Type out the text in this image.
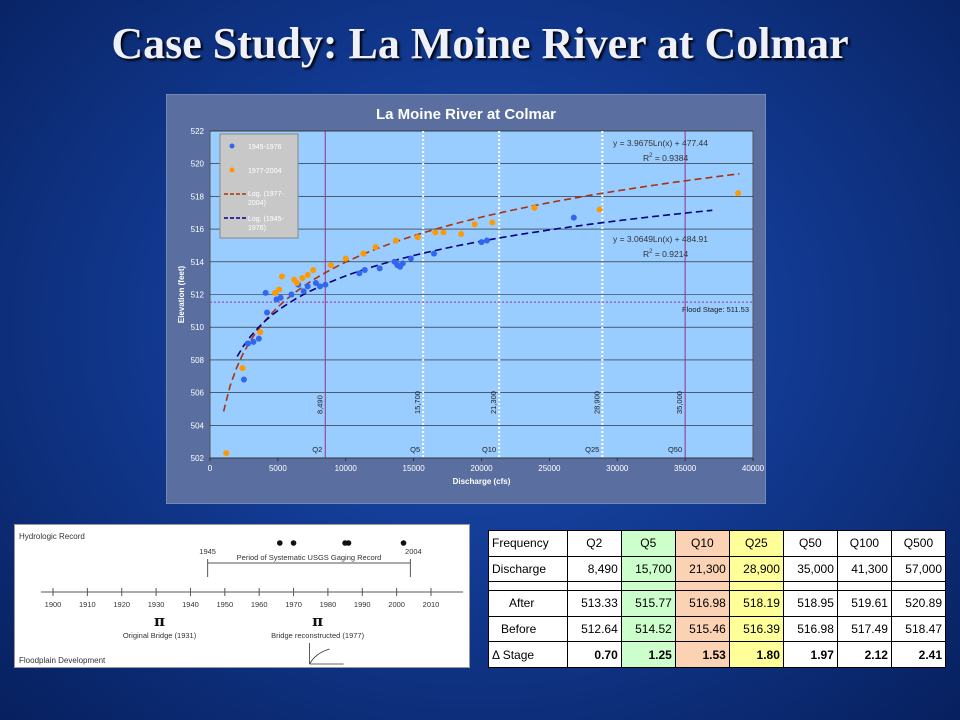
Case Study: La Moine River at Colmar
La Moine River at Colmar
502
504
506
508
510
512
514
516
518
520
522
0	5000	10000	15000	20000	25000	30000	35000	40000
Discharge (cfs)
Elevation (feet)	Flood Stage: 511.53
Q2
8,490
Q5
15,700
Q10
21,300
Q25
28,900
Q50
35,000
y = 3.9675Ln(x) + 477.44
$R^2 = 0.9384$
y = 3.0649Ln(x) + 484.91
$R^2 = 0.9214$
1945-1976
1977-2004
Log. (1977-
2004)
Log. (1945-
1976)
Hydrologic Record
Floodplain Development
1900 1910 1920 1930 1940 1950 1960 1970 1980 1990 2000 2010
Period of Systematic USGS Gaging Record
1945	2004
π
Original Bridge (1931)
π
Bridge reconstructed (1977)
Frequency	Q2	Q5	Q10	Q25	Q50	Q100	Q500
Discharge	8,490	15,700	21,300	28,900	35,000	41,300	57,000

After	513.33	515.77	516.98	518.19	518.95	519.61	520.89
Before	512.64	514.52	515.46	516.39	516.98	517.49	518.47
Δ Stage	0.70	1.25	1.53	1.80	1.97	2.12	2.41
